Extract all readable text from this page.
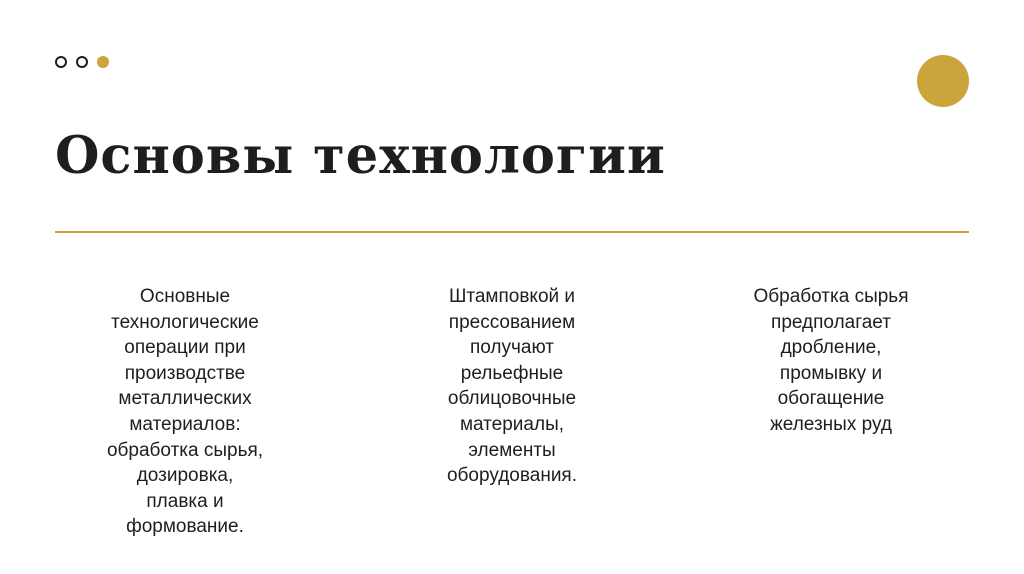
Основы технологии
Основные
технологические
операции при
производстве
металлических
материалов:
обработка сырья,
дозировка,
плавка и
формование.
Штамповкой и
прессованием
получают
рельефные
облицовочные
материалы,
элементы
оборудования.
Обработка сырья
предполагает
дробление,
промывку и
обогащение
железных руд
